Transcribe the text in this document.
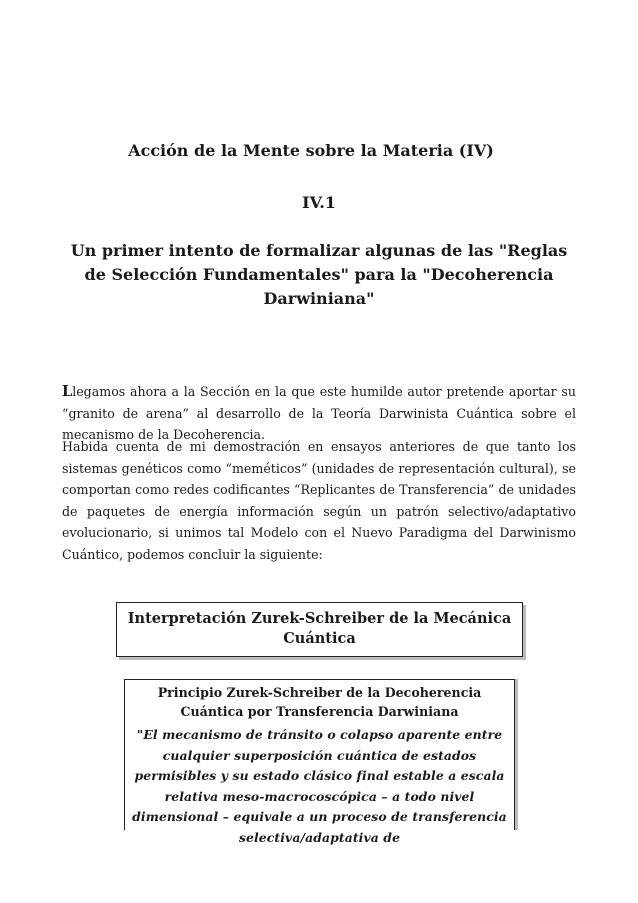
Acción de la Mente sobre la Materia (IV)
IV.1
Un primer intento de formalizar algunas de las "Reglas de Selección Fundamentales" para la "Decoherencia Darwiniana"

Llegamos ahora a la Sección en la que este humilde autor pretende aportar su “granito de arena” al desarrollo de la Teoría Darwinista Cuántica sobre el mecanismo de la Decoherencia.

Habida cuenta de mi demostración en ensayos anteriores de que tanto los sistemas genéticos como “meméticos” (unidades de representación cultural), se comportan como redes codificantes “Replicantes de Transferencia” de unidades de paquetes de energía información según un patrón selectivo/adaptativo evolucionario, si unimos tal Modelo con el Nuevo Paradigma del Darwinismo Cuántico, podemos concluir la siguiente:

Interpretación Zurek-Schreiber de la Mecánica Cuántica

Principio Zurek-Schreiber de la Decoherencia Cuántica por Transferencia Darwiniana

"El mecanismo de tránsito o colapso aparente entre cualquier superposición cuántica de estados permisibles y su estado clásico final estable a escala relativa meso-macrocoscópica – a todo nivel dimensional – equivale a un proceso de transferencia selectiva/adaptativa de
